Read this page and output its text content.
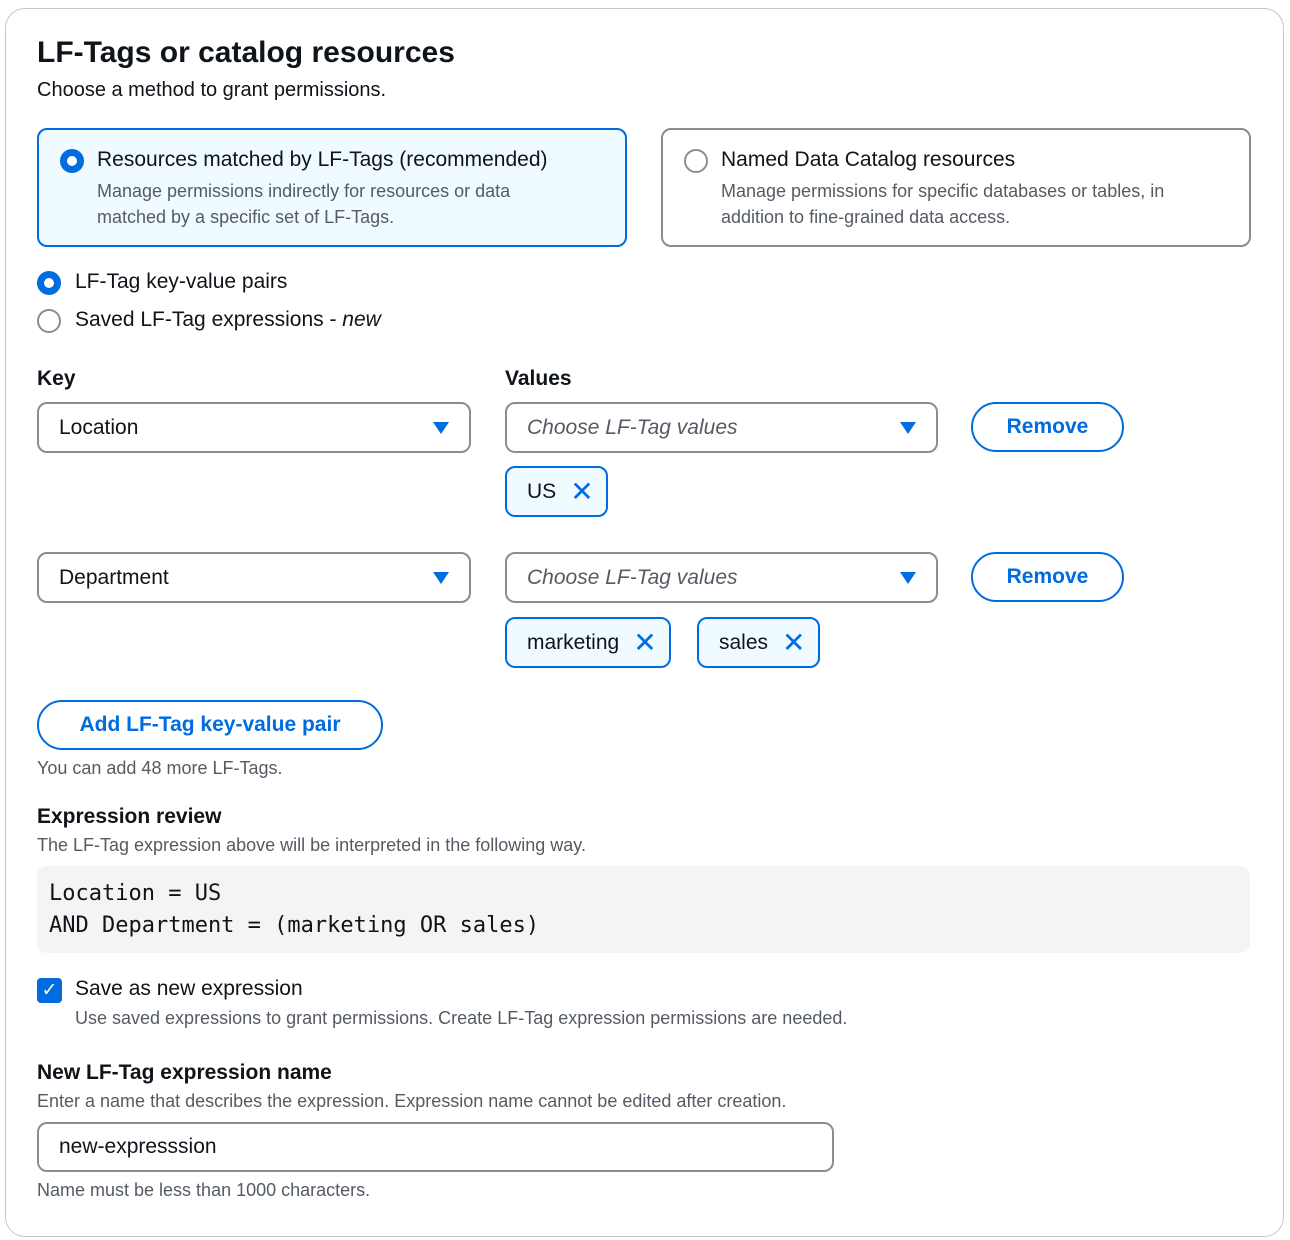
LF-Tags or catalog resources
Choose a method to grant permissions.
Resources matched by LF-Tags (recommended)
Manage permissions indirectly for resources or data
matched by a specific set of LF-Tags.
Named Data Catalog resources
Manage permissions for specific databases or tables, in
addition to fine-grained data access.
LF-Tag key-value pairs
Saved LF-Tag expressions - new
Key	Values
Location	Choose LF-Tag values	Remove
US ✕
Department	Choose LF-Tag values	Remove
marketing ✕	sales ✕
Add LF-Tag key-value pair
You can add 48 more LF-Tags.
Expression review
The LF-Tag expression above will be interpreted in the following way.
Location = US
AND Department = (marketing OR sales)
✓ Save as new expression
Use saved expressions to grant permissions. Create LF-Tag expression permissions are needed.
New LF-Tag expression name
Enter a name that describes the expression. Expression name cannot be edited after creation.
new-expresssion
Name must be less than 1000 characters.
